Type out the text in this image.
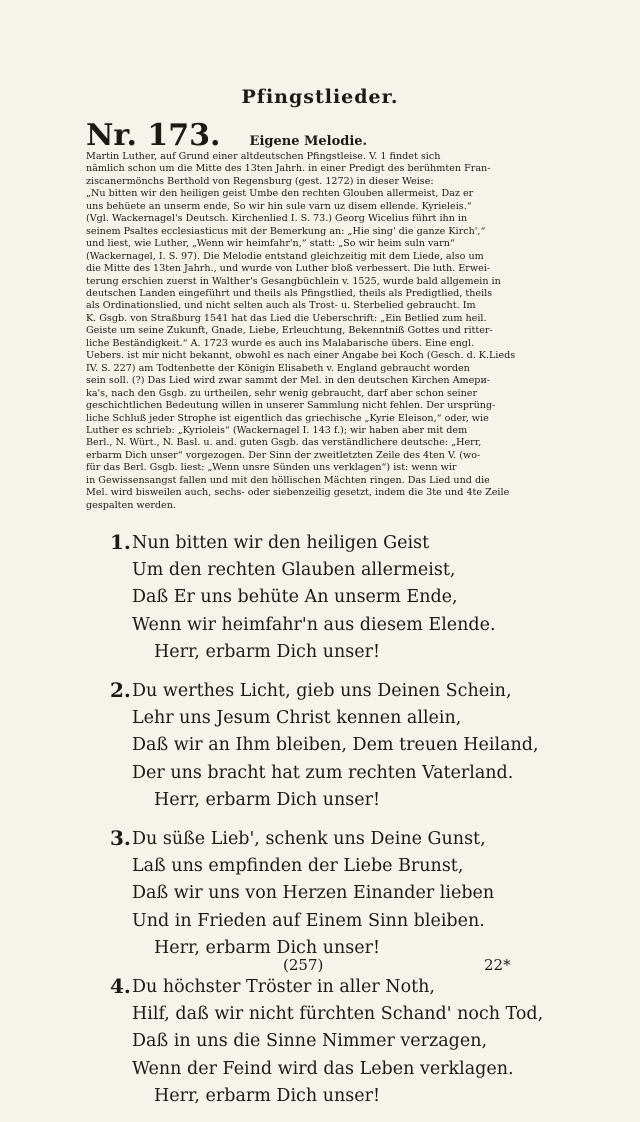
Pfingstlieder.
Nr. 173. Eigene Melodie.
Martin Luther, auf Grund einer altdeutschen Pfingstleise. V. 1 findet sich
nämlich schon um die Mitte des 13ten Jahrh. in einer Predigt des berühmten Fran-
ziscanermönchs Berthold von Regensburg (gest. 1272) in dieser Weise:
„Nu bitten wir den heiligen geist Umbe den rechten Glouben allermeist, Daz er
uns behüete an unserm ende, So wir hin sule varn uz disem ellende. Kyrieleis.“
(Vgl. Wackernagel's Deutsch. Kirchenlied I. S. 73.) Georg Wicelius führt ihn in
seinem Psaltes ecclesiasticus mit der Bemerkung an: „Hie sing' die ganze Kirch',“
und liest, wie Luther, „Wenn wir heimfahr'n,“ statt: „So wir heim suln varn“
(Wackernagel, I. S. 97). Die Melodie entstand gleichzeitig mit dem Liede, also um
die Mitte des 13ten Jahrh., und wurde von Luther bloß verbessert. Die luth. Erwei-
terung erschien zuerst in Walther's Gesangbüchlein v. 1525, wurde bald allgemein in
deutschen Landen eingeführt und theils als Pfingstlied, theils als Predigtlied, theils
als Ordinationslied, und nicht selten auch als Trost- u. Sterbelied gebraucht. Im
K. Gsgb. von Straßburg 1541 hat das Lied die Ueberschrift: „Ein Betlied zum heil.
Geiste um seine Zukunft, Gnade, Liebe, Erleuchtung, Bekenntniß Gottes und ritter-
liche Beständigkeit.“ A. 1723 wurde es auch ins Malabarische übers. Eine engl.
Uebers. ist mir nicht bekannt, obwohl es nach einer Angabe bei Koch (Gesch. d. K.Lieds
IV. S. 227) am Todtenbette der Königin Elisabeth v. England gebraucht worden
sein soll. (?) Das Lied wird zwar sammt der Mel. in den deutschen Kirchen Amери-
ka's, nach den Gsgb. zu urtheilen, sehr wenig gebraucht, darf aber schon seiner
geschichtlichen Bedeutung willen in unserer Sammlung nicht fehlen. Der ursprüng-
liche Schluß jeder Strophe ist eigentlich das griechische „Kyrie Eleison,“ oder, wie
Luther es schrieb: „Kyrioleis“ (Wackernagel I. 143 f.); wir haben aber mit dem
Berl., N. Würt., N. Basl. u. and. guten Gsgb. das verständlichere deutsche: „Herr,
erbarm Dich unser“ vorgezogen. Der Sinn der zweitletzten Zeile des 4ten V. (wo-
für das Berl. Gsgb. liest: „Wenn unsre Sünden uns verklagen“) ist: wenn wir
in Gewissensangst fallen und mit den höllischen Mächten ringen. Das Lied und die
Mel. wird bisweilen auch, sechs- oder siebenzeilig gesetzt, indem die 3te und 4te Zeile
gespalten werden.
1. Nun bitten wir den heiligen Geist
Um den rechten Glauben allermeist,
Daß Er uns behüte An unserm Ende,
Wenn wir heimfahr'n aus diesem Elende.
Herr, erbarm Dich unser!
2. Du werthes Licht, gieb uns Deinen Schein,
Lehr uns Jesum Christ kennen allein,
Daß wir an Ihm bleiben, Dem treuen Heiland,
Der uns bracht hat zum rechten Vaterland.
Herr, erbarm Dich unser!
3. Du süße Lieb', schenk uns Deine Gunst,
Laß uns empfinden der Liebe Brunst,
Daß wir uns von Herzen Einander lieben
Und in Frieden auf Einem Sinn bleiben.
Herr, erbarm Dich unser!
4. Du höchster Tröster in aller Noth,
Hilf, daß wir nicht fürchten Schand' noch Tod,
Daß in uns die Sinne Nimmer verzagen,
Wenn der Feind wird das Leben verklagen.
Herr, erbarm Dich unser!
(257)	22*
